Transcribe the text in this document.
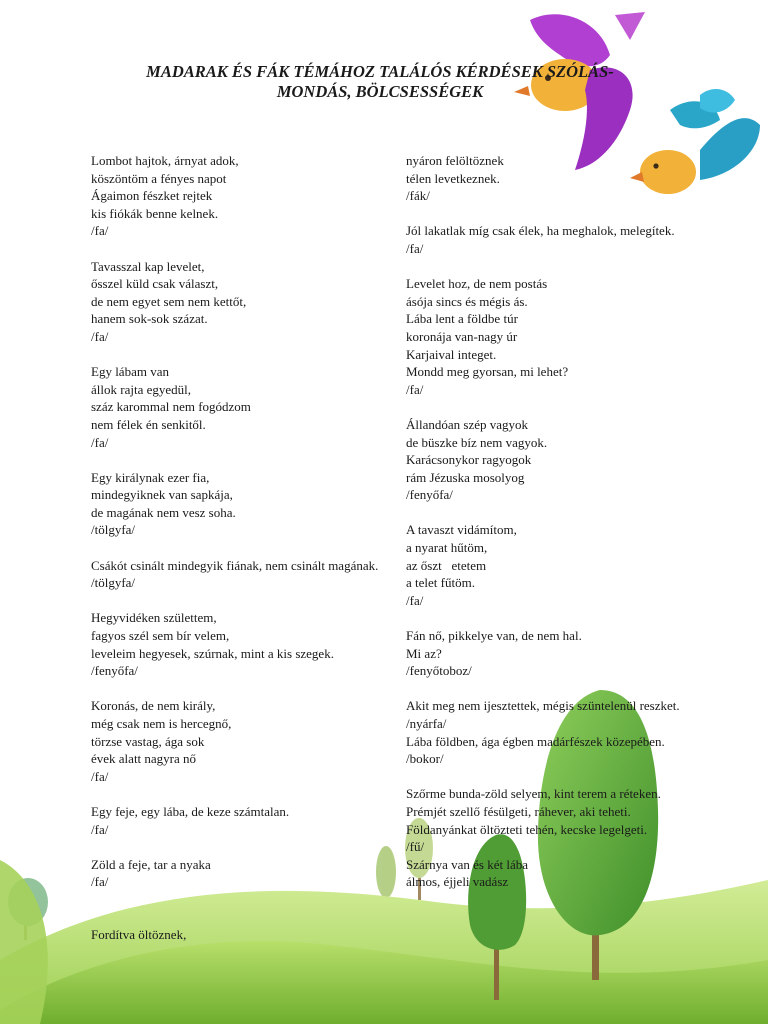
MADARAK ÉS FÁK TÉMÁHOZ TALÁLÓS KÉRDÉSEK SZÓLÁS-
MONDÁS, BÖLCSESSÉGEK
Lombot hajtok, árnyat adok,
köszöntöm a fényes napot
Ágaimon fészket rejtek
kis fiókák benne kelnek.
/fa/
Tavasszal kap levelet,
ősszel küld csak választ,
de nem egyet sem nem kettőt,
hanem sok-sok százat.
/fa/
Egy lábam van
állok rajta egyedül,
száz karommal nem fogódzom
nem félek én senkitől.
/fa/
Egy királynak ezer fia,
mindegyiknek van sapkája,
de magának nem vesz soha.
/tölgyfa/
Csákót csinált mindegyik fiának, nem csinált magának.
/tölgyfa/
Hegyvidéken születtem,
fagyos szél sem bír velem,
leveleim hegyesek, szúrnak, mint a kis szegek.
/fenyőfa/
Koronás, de nem király,
még csak nem is hercegnő,
törzse vastag, ága sok
évek alatt nagyra nő
/fa/
Egy feje, egy lába, de keze számtalan.
/fa/
Zöld a feje, tar a nyaka
/fa/
Fordítva öltöznek,
nyáron felöltöznek
télen levetkeznek.
/fák/
Jól lakatlak míg csak élek, ha meghalok, melegítek.
/fa/
Levelet hoz, de nem postás
ásója sincs és mégis ás.
Lába lent a földbe túr
koronája van-nagy úr
Karjaival integet.
Mondd meg gyorsan, mi lehet?
/fa/
Állandóan szép vagyok
de büszke bíz nem vagyok.
Karácsonykor ragyogok
rám Jézuska mosolyog
/fenyőfa/
A tavaszt vidámítom,
a nyarat hűtöm,
az őszt   etetem
a telet fűtöm.
/fa/
Fán nő, pikkelye van, de nem hal.
Mi az?
/fenyőtoboz/
Akit meg nem ijesztettek, mégis szüntelenül reszket.
/nyárfa/
Lába földben, ága égben madárfészek közepében.
/bokor/
Szőrme bunda-zöld selyem, kint terem a réteken.
Prémjét szellő fésülgeti, ráhever, aki teheti.
Földanyánkat öltözteti tehén, kecske legelgeti.
/fű/
Szárnya van és két lába
álmos, éjjeli vadász
